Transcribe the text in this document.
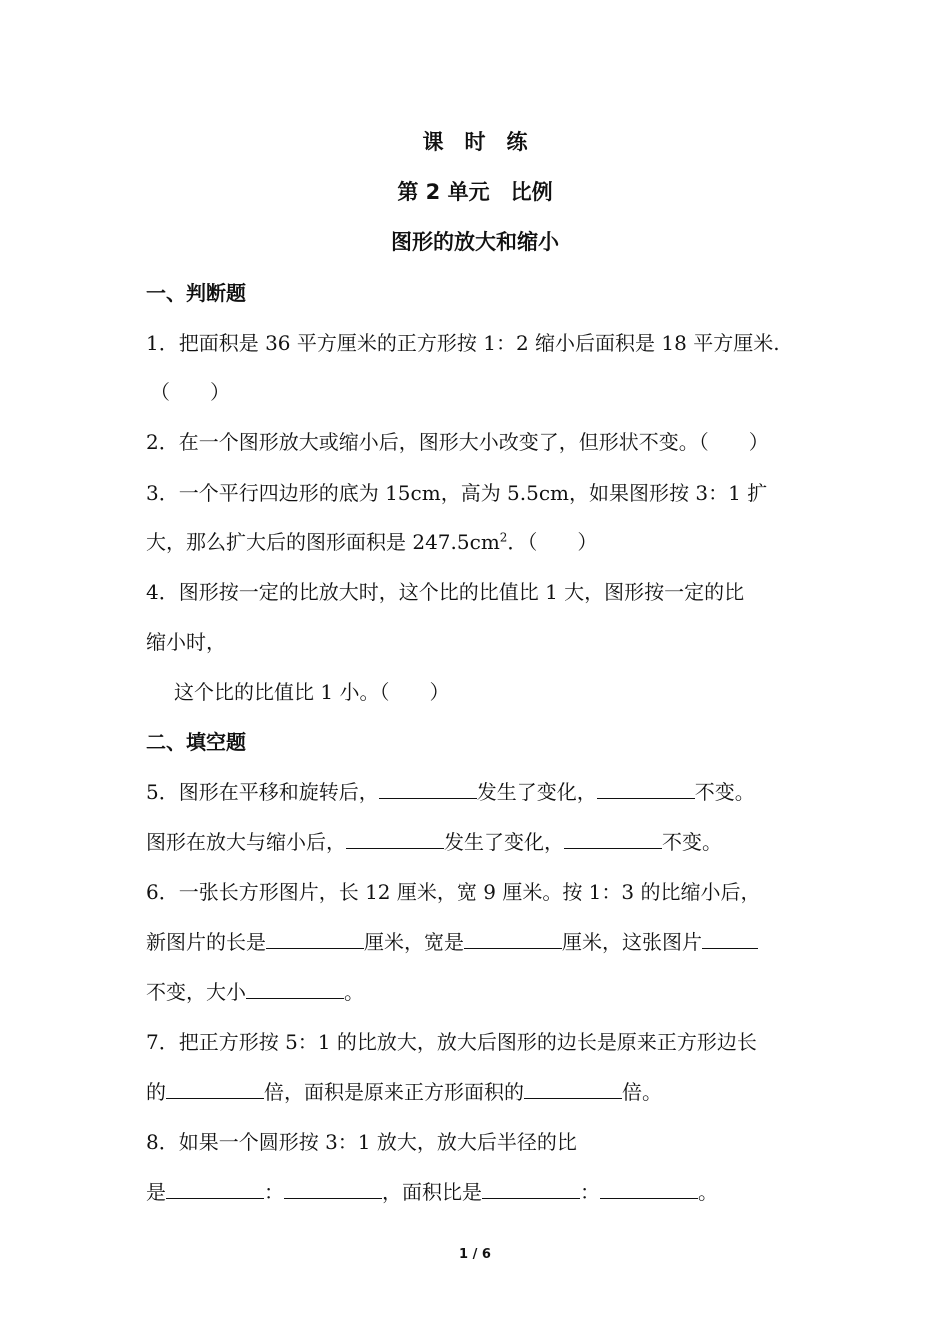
课　时　练
第 2 单元　比例
图形的放大和缩小
一、判断题
1．把面积是 36 平方厘米的正方形按 1：2 缩小后面积是 18 平方厘米.
（　　）
2．在一个图形放大或缩小后，图形大小改变了，但形状不变。（　　）
3．一个平行四边形的底为 15cm，高为 5.5cm，如果图形按 3：1 扩
大，那么扩大后的图形面积是 $247.5cm^2$．（　　）
4．图形按一定的比放大时，这个比的比值比 1 大，图形按一定的比
缩小时，
这个比的比值比 1 小。（　　）
二、填空题
5．图形在平移和旋转后，	发生了变化，	不变。
图形在放大与缩小后，	发生了变化，	不变。
6．一张长方形图片，长 12 厘米，宽 9 厘米。按 1：3 的比缩小后，
新图片的长是	厘米，宽是	厘米，这张图片
不变，大小	。
7．把正方形按 5：1 的比放大，放大后图形的边长是原来正方形边长
的	倍，面积是原来正方形面积的	倍。
8．如果一个圆形按 3：1 放大，放大后半径的比
是	：	，面积比是	：	。
1 / 6
